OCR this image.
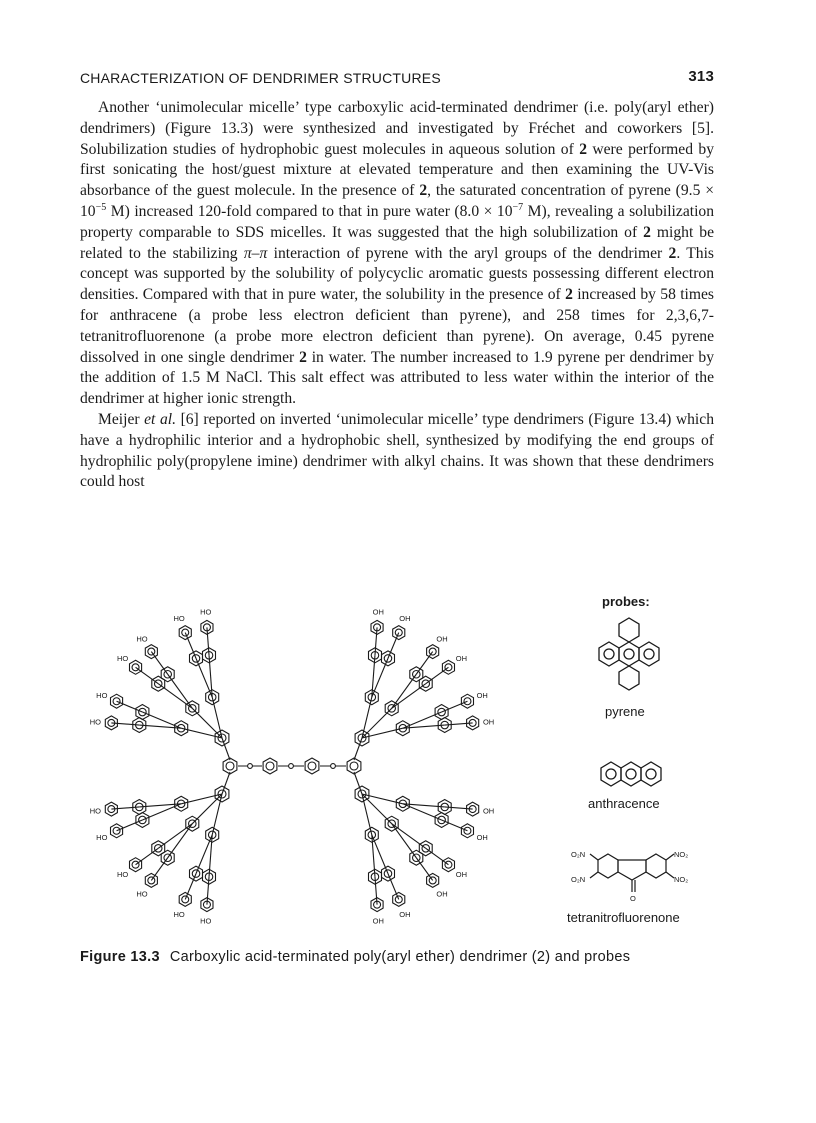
CHARACTERIZATION OF DENDRIMER STRUCTURES	313

Another ‘unimolecular micelle’ type carboxylic acid-terminated dendrimer (i.e. poly(aryl ether) dendrimers) (Figure 13.3) were synthesized and investigated by Fréchet and coworkers [5]. Solubilization studies of hydrophobic guest molecules in aqueous solution of 2 were performed by first sonicating the host/guest mixture at elevated temperature and then examining the UV-Vis absorbance of the guest molecule. In the presence of 2, the saturated concentration of pyrene ($9.5 \times 10^{-5}$ M) increased 120-fold compared to that in pure water ($8.0 \times 10^{-7}$ M), revealing a solubilization property comparable to SDS micelles. It was suggested that the high solubilization of 2 might be related to the stabilizing π–π interaction of pyrene with the aryl groups of the dendrimer 2. This concept was supported by the solubility of polycyclic aromatic guests possessing different electron densities. Compared with that in pure water, the solubility in the presence of 2 increased by 58 times for anthracene (a probe less electron deficient than pyrene), and 258 times for 2,3,6,7-tetranitrofluorenone (a probe more electron deficient than pyrene). On average, 0.45 pyrene dissolved in one single dendrimer 2 in water. The number increased to 1.9 pyrene per dendrimer by the addition of 1.5 M NaCl. This salt effect was attributed to less water within the interior of the dendrimer at higher ionic strength.

Meijer et al. [6] reported on inverted ‘unimolecular micelle’ type dendrimers (Figure 13.4) which have a hydrophilic interior and a hydrophobic shell, synthesized by modifying the end groups of hydrophilic poly(propylene imine) dendrimer with alkyl chains. It was shown that these dendrimers could host

HO
HO
HO
HO
HO
HO	OH
OH
OH
OH
OH
OH
HO
HO
HO
HO
HO
HO	OH
OH
OH
OH
OH
OH
probes:
pyrene
anthracence
O₂N
O₂N
NO₂
NO₂
O
tetranitrofluorenone
Figure 13.3 Carboxylic acid-terminated poly(aryl ether) dendrimer (2) and probes
